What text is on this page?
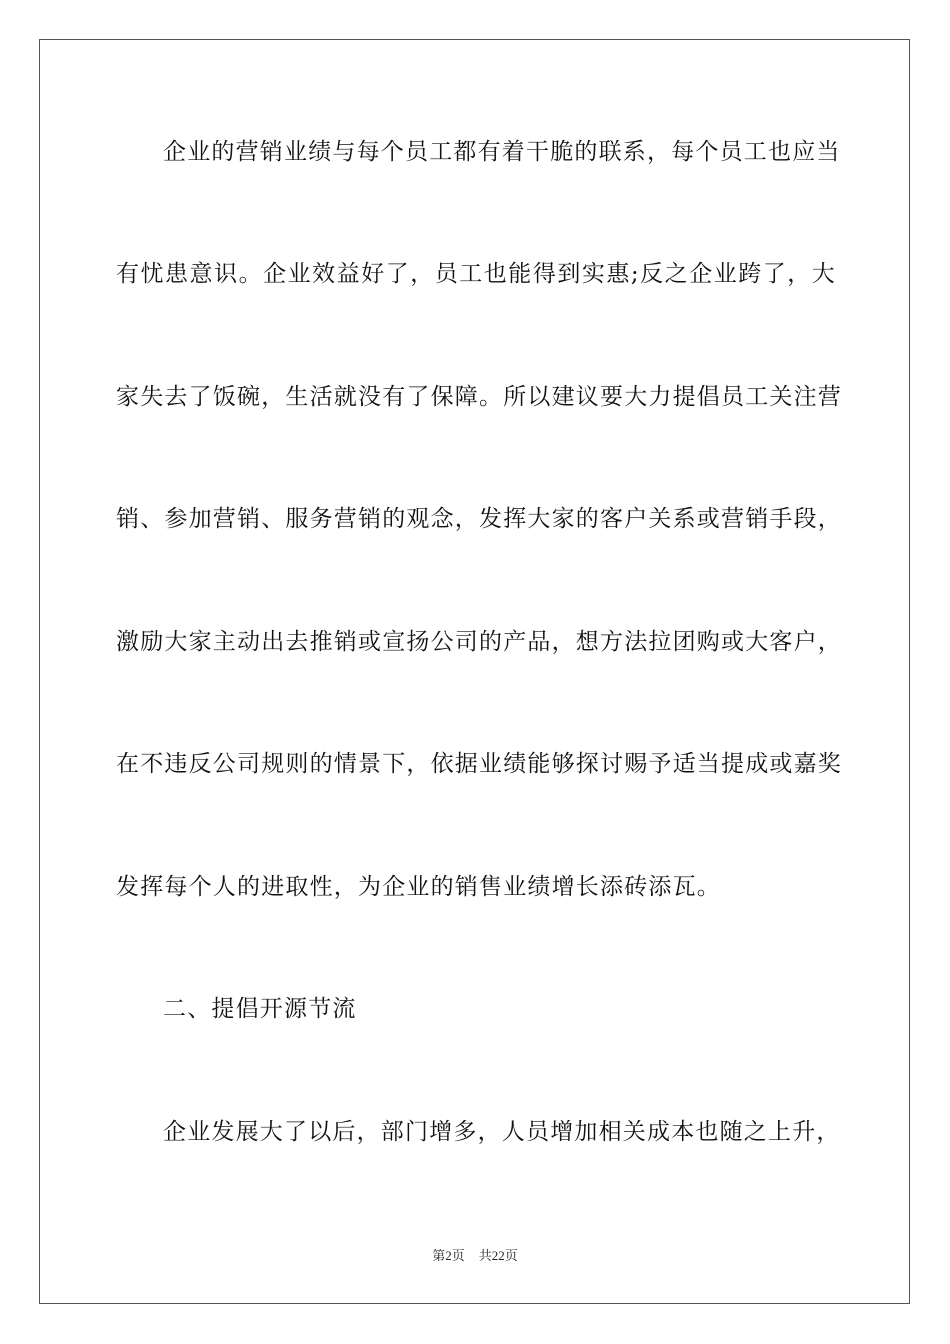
企业的营销业绩与每个员工都有着干脆的联系，每个员工也应当
有忧患意识。企业效益好了，员工也能得到实惠;反之企业跨了，大
家失去了饭碗，生活就没有了保障。所以建议要大力提倡员工关注营
销、参加营销、服务营销的观念，发挥大家的客户关系或营销手段，
激励大家主动出去推销或宣扬公司的产品，想方法拉团购或大客户，
在不违反公司规则的情景下，依据业绩能够探讨赐予适当提成或嘉奖
发挥每个人的进取性，为企业的销售业绩增长添砖添瓦。
二、提倡开源节流
企业发展大了以后，部门增多，人员增加相关成本也随之上升，
第2页 共22页
